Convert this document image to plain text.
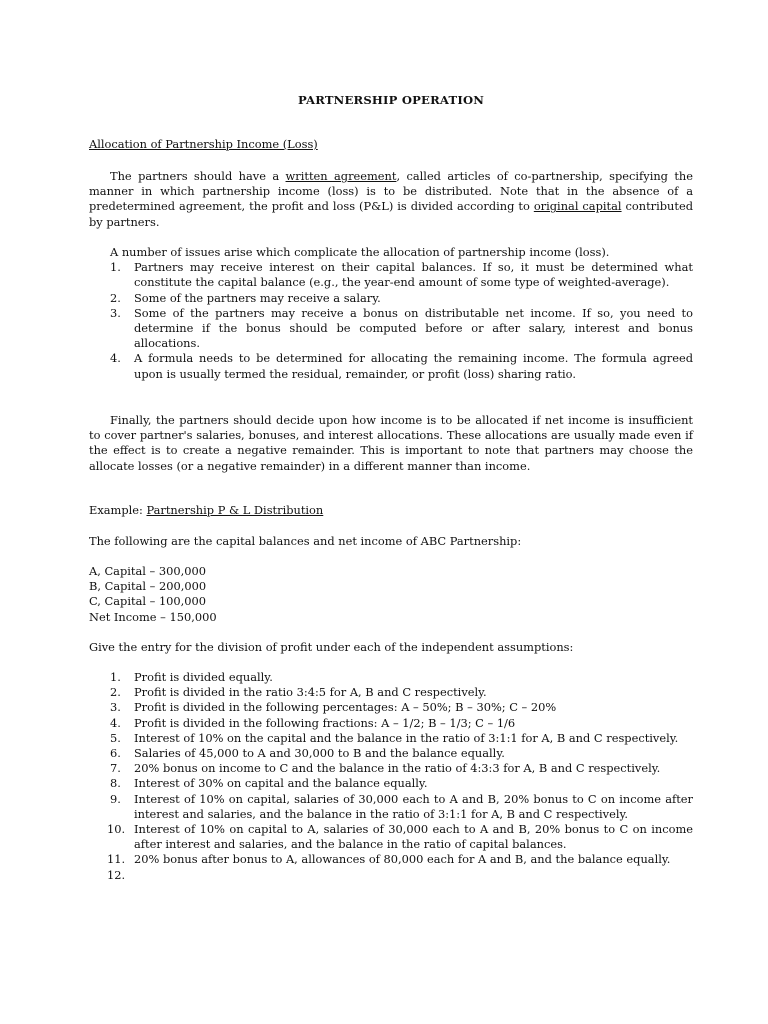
PARTNERSHIP OPERATION

Allocation of Partnership Income (Loss)

The partners should have a written agreement, called articles of co-partnership, specifying the manner in which partnership income (loss) is to be distributed. Note that in the absence of a predetermined agreement, the profit and loss (P&L) is divided according to original capital contributed by partners.

A number of issues arise which complicate the allocation of partnership income (loss).

1. Partners may receive interest on their capital balances. If so, it must be determined what constitute the capital balance (e.g., the year-end amount of some type of weighted-average).
2. Some of the partners may receive a salary.
3. Some of the partners may receive a bonus on distributable net income. If so, you need to determine if the bonus should be computed before or after salary, interest and bonus allocations.
4. A formula needs to be determined for allocating the remaining income. The formula agreed upon is usually termed the residual, remainder, or profit (loss) sharing ratio.

Finally, the partners should decide upon how income is to be allocated if net income is insufficient to cover partner's salaries, bonuses, and interest allocations. These allocations are usually made even if the effect is to create a negative remainder. This is important to note that partners may choose the allocate losses (or a negative remainder) in a different manner than income.

Example: Partnership P & L Distribution

The following are the capital balances and net income of ABC Partnership:

A, Capital – 300,000

B, Capital – 200,000

C, Capital – 100,000

Net Income – 150,000

Give the entry for the division of profit under each of the independent assumptions:

1. Profit is divided equally.
2. Profit is divided in the ratio 3:4:5 for A, B and C respectively.
3. Profit is divided in the following percentages: A – 50%; B – 30%; C – 20%
4. Profit is divided in the following fractions: A – 1/2; B – 1/3; C – 1/6
5. Interest of 10% on the capital and the balance in the ratio of 3:1:1 for A, B and C respectively.
6. Salaries of 45,000 to A and 30,000 to B and the balance equally.
7. 20% bonus on income to C and the balance in the ratio of 4:3:3 for A, B and C respectively.
8. Interest of 30% on capital and the balance equally.
9. Interest of 10% on capital, salaries of 30,000 each to A and B, 20% bonus to C on income after interest and salaries, and the balance in the ratio of 3:1:1 for A, B and C respectively.
10. Interest of 10% on capital to A, salaries of 30,000 each to A and B, 20% bonus to C on income after interest and salaries, and the balance in the ratio of capital balances.
11. 20% bonus after bonus to A, allowances of 80,000 each for A and B, and the balance equally.
12.
